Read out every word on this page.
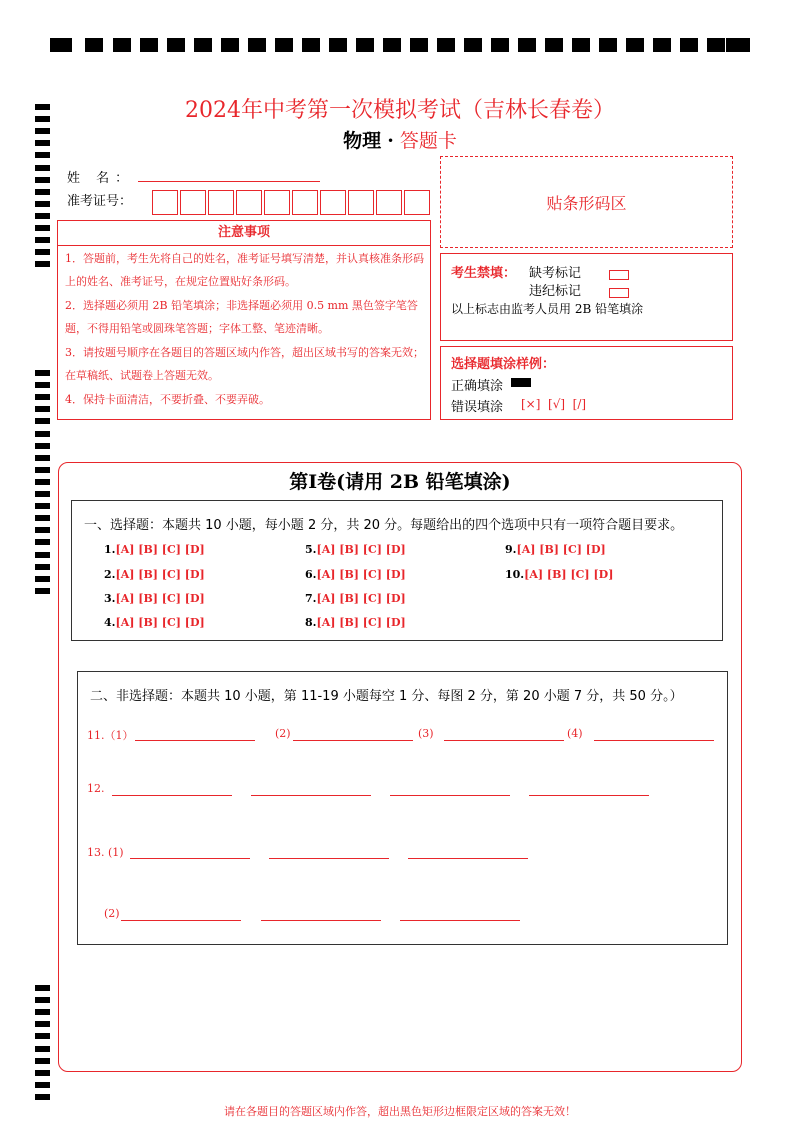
2024年中考第一次模拟考试（吉林长春卷）
物理 · 答题卡
姓 名：
准考证号：	贴条形码区
注意事项
1．答题前，考生先将自己的姓名，准考证号填写清楚，并认真核准条形码上的姓名、准考证号，在规定位置贴好条形码。
2．选择题必须用 2B 铅笔填涂；非选择题必须用 0.5 mm 黑色签字笔答题，不得用铅笔或圆珠笔答题；字体工整、笔迹清晰。
3．请按题号顺序在各题目的答题区域内作答，超出区域书写的答案无效；在草稿纸、试题卷上答题无效。
4．保持卡面清洁，不要折叠、不要弄破。
考生禁填： 缺考标记
违纪标记
以上标志由监考人员用 2B 铅笔填涂
选择题填涂样例：
正确填涂
错误填涂 [×]  [√]  [/]
第Ⅰ卷(请用 2B 铅笔填涂)
一、选择题：本题共 10 小题，每小题 2 分，共 20 分。每题给出的四个选项中只有一项符合题目要求。
1.[A] [B] [C] [D]
2.[A] [B] [C] [D]
3.[A] [B] [C] [D]
4.[A] [B] [C] [D]
5.[A] [B] [C] [D]
6.[A] [B] [C] [D]
7.[A] [B] [C] [D]
8.[A] [B] [C] [D]
9.[A] [B] [C] [D]
10.[A] [B] [C] [D]
二、非选择题：本题共 10 小题，第 11-19 小题每空 1 分、每图 2 分，第 20 小题 7 分，共 50 分。）
11.（1）	(2)	(3)	(4)
12.
13. (1)
(2)
请在各题目的答题区域内作答，超出黑色矩形边框限定区域的答案无效！
